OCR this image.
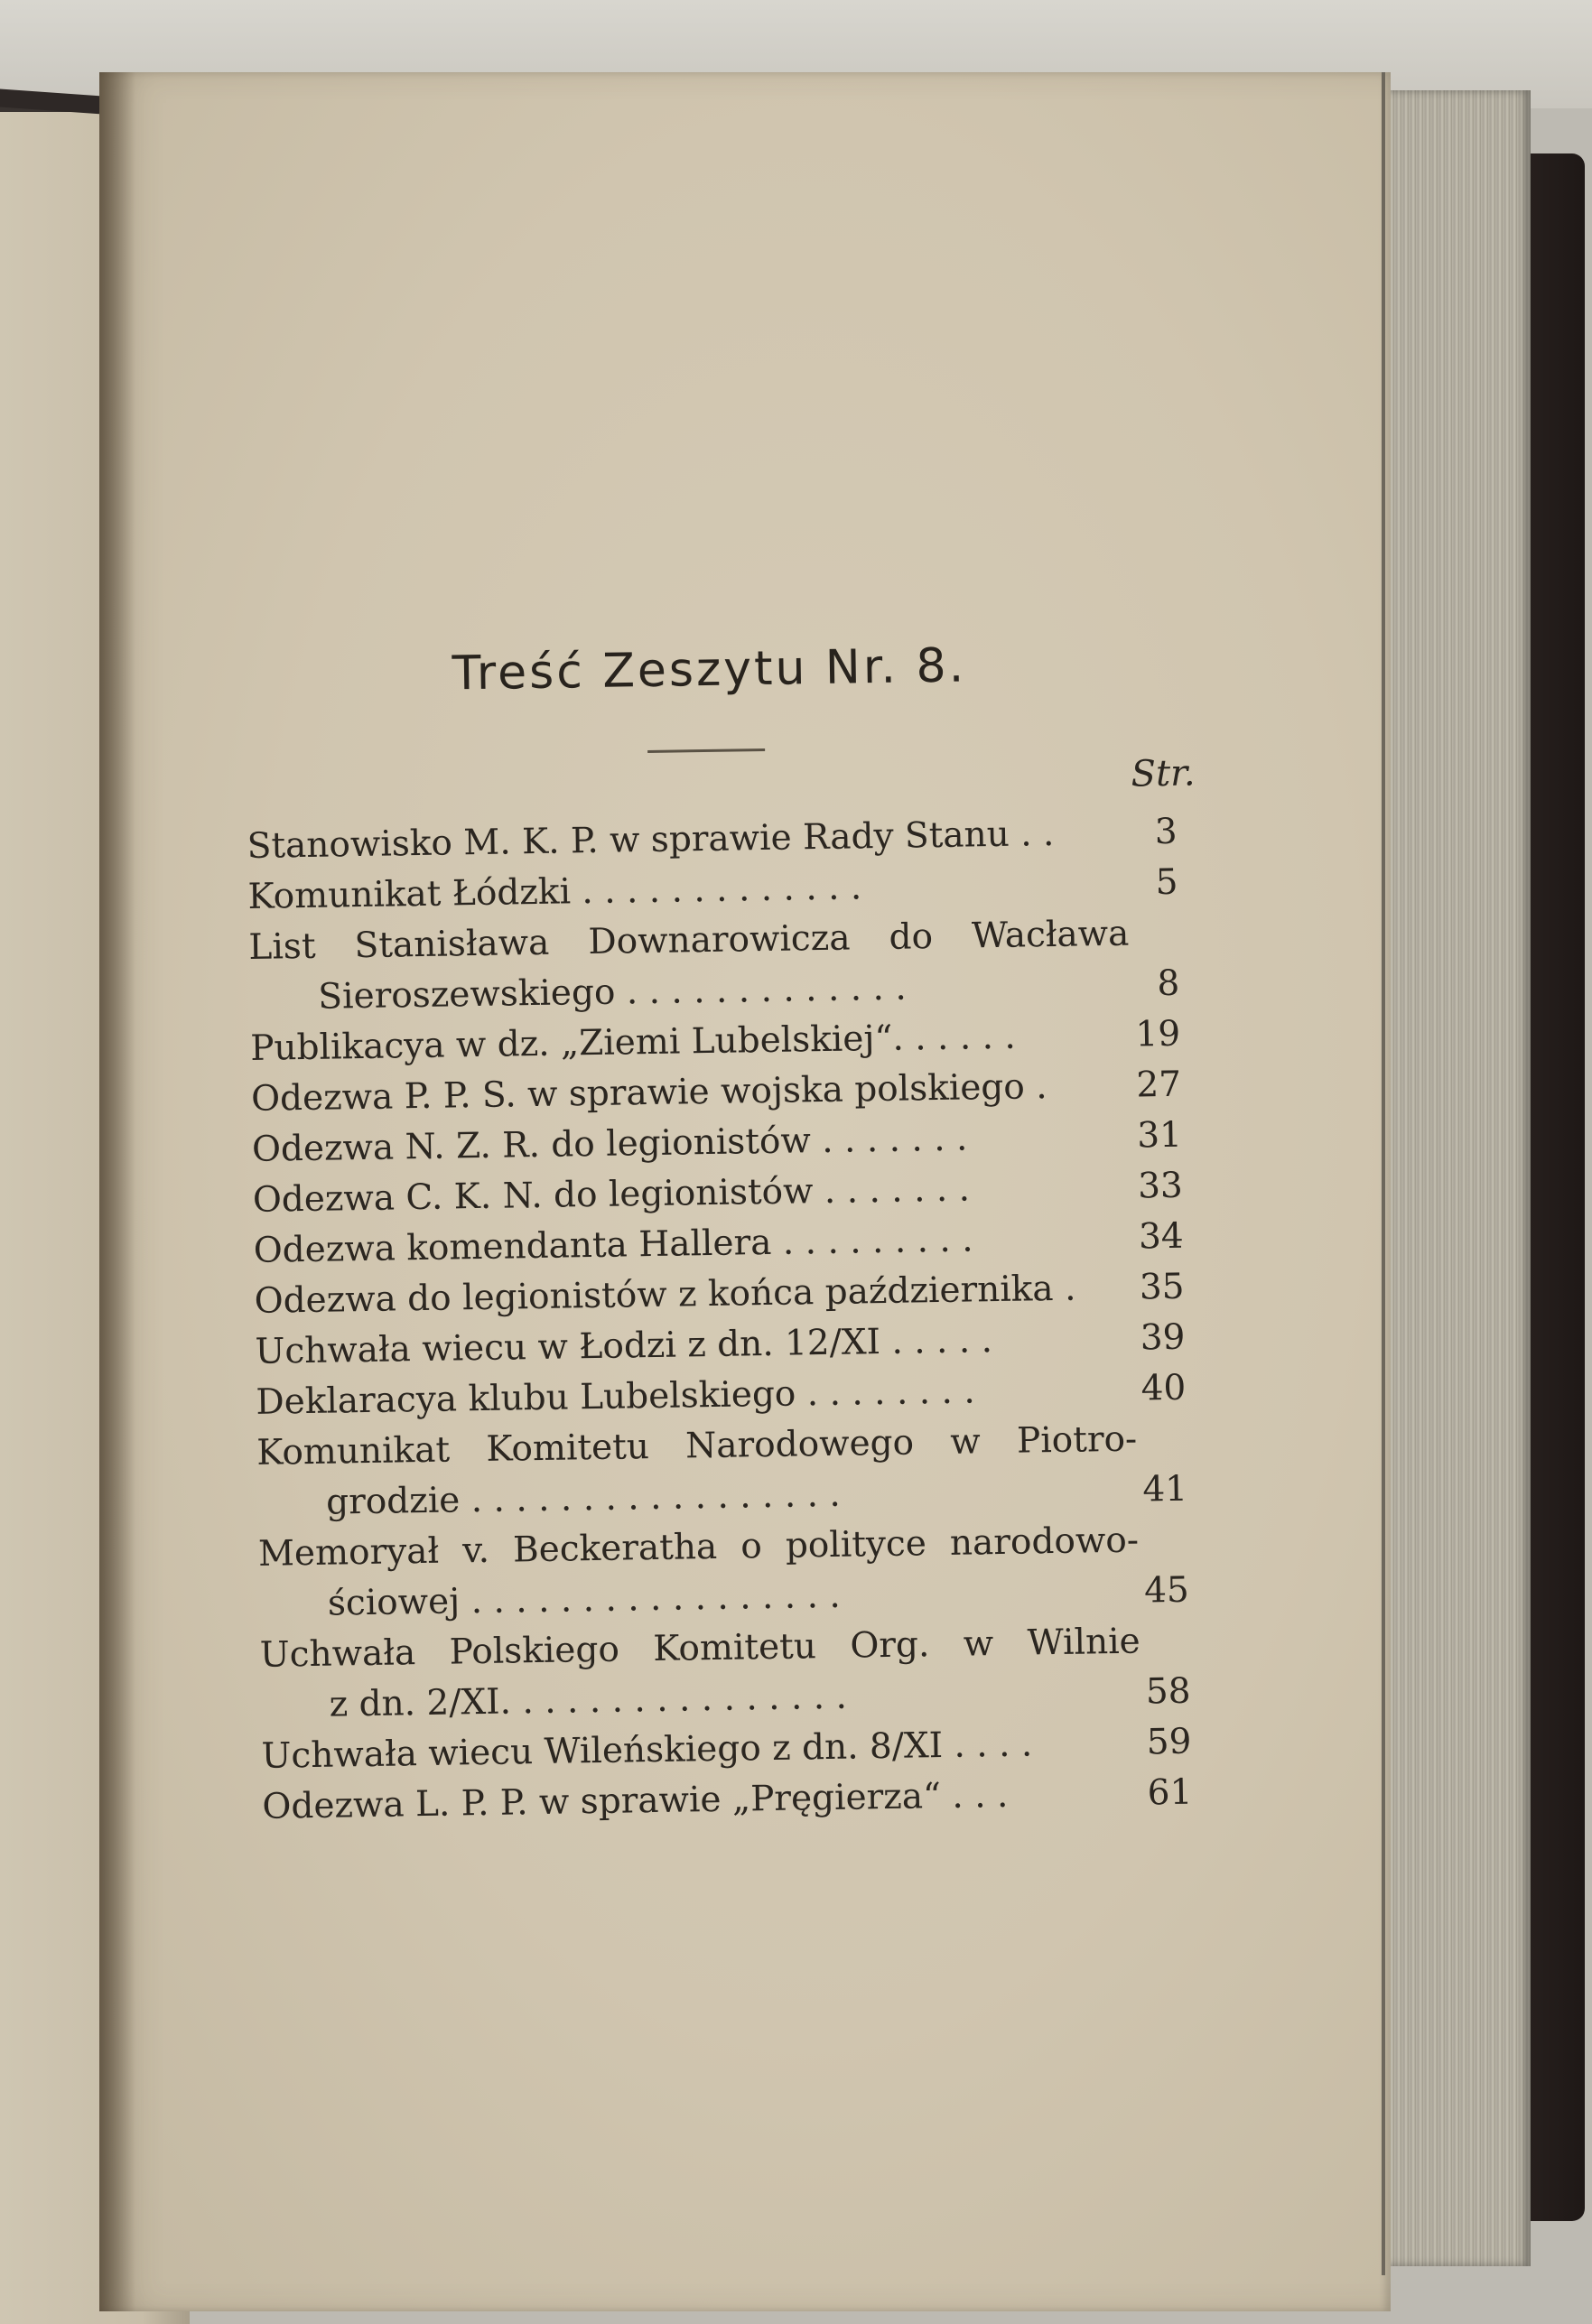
Treść Zeszytu Nr. 8.
Str.
Stanowisko M. K. P. w sprawie Rady Stanu . .	3
Komunikat Łódzki . . . . . . . . . . . . .	5
List Stanisława Downarowicza do Wacława
Sieroszewskiego . . . . . . . . . . . . .	8
Publikacya w dz. „Ziemi Lubelskiej“. . . . . .	19
Odezwa P. P. S. w sprawie wojska polskiego .	27
Odezwa N. Z. R. do legionistów . . . . . . .	31
Odezwa C. K. N. do legionistów . . . . . . .	33
Odezwa komendanta Hallera . . . . . . . . .	34
Odezwa do legionistów z końca października .	35
Uchwała wiecu w Łodzi z dn. 12/XI . . . . .	39
Deklaracya klubu Lubelskiego . . . . . . . .	40
Komunikat Komitetu Narodowego w Piotro-
grodzie . . . . . . . . . . . . . . . . .	41
Memoryał v. Beckeratha o polityce narodowo-
ściowej . . . . . . . . . . . . . . . . .	45
Uchwała Polskiego Komitetu Org. w Wilnie
z dn. 2/XI. . . . . . . . . . . . . . . .	58
Uchwała wiecu Wileńskiego z dn. 8/XI . . . .	59
Odezwa L. P. P. w sprawie „Pręgierza“ . . .	61
